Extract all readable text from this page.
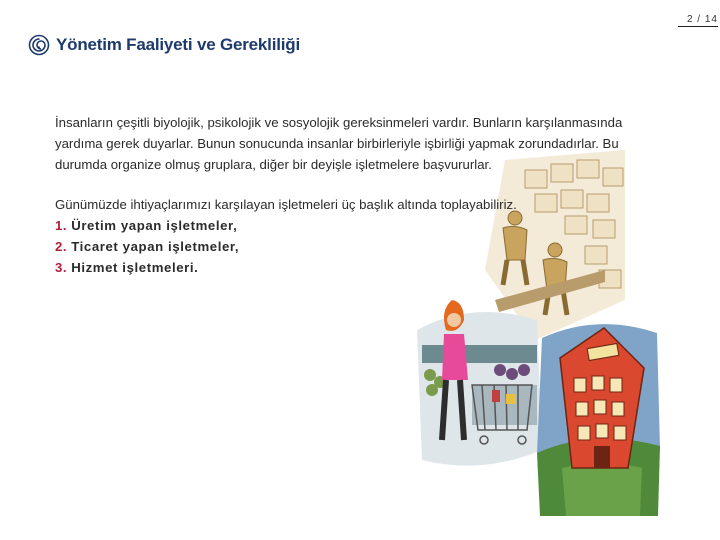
2 / 14
Yönetim Faaliyeti ve Gerekliliği

İnsanların çeşitli biyolojik, psikolojik ve sosyolojik gereksinmeleri vardır. Bunların karşılanmasında yardıma gerek duyarlar. Bunun sonucunda insanlar birbirleriyle işbirliği yapmak zorundadırlar. Bu durumda organize olmuş gruplara, diğer bir deyişle işletmelere başvururlar.

Günümüzde ihtiyaçlarımızı karşılayan işletmeleri üç başlık altında toplayabiliriz.

1. Üretim yapan işletmeler,
2. Ticaret yapan işletmeler,
3. Hizmet işletmeleri.
